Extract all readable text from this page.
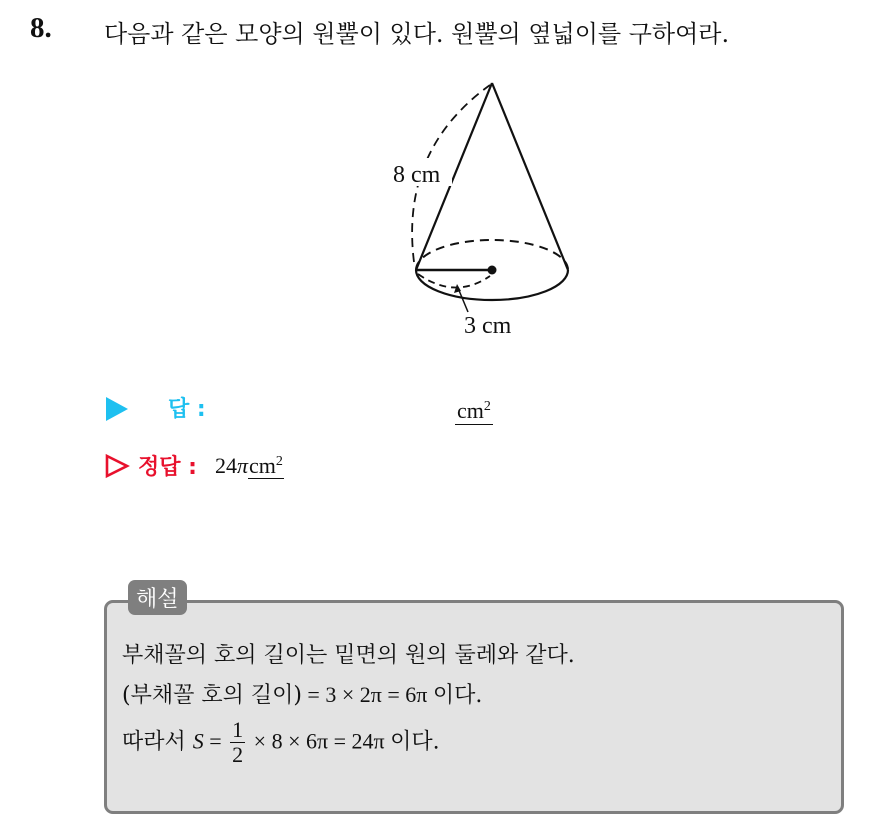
8. 다음과 같은 모양의 원뿔이 있다. 원뿔의 옆넓이를 구하여라.
8 cm
3 cm
답 :	$cm^2$
정답 : 24πcm$^2$
해설
부채꼴의 호의 길이는 밑면의 원의 둘레와 같다.
(부채꼴 호의 길이) = 3 × 2π = 6π 이다.
따라서 $S = \frac{1}{2} \times 8 \times 6\pi = 24\pi$ 이다.
